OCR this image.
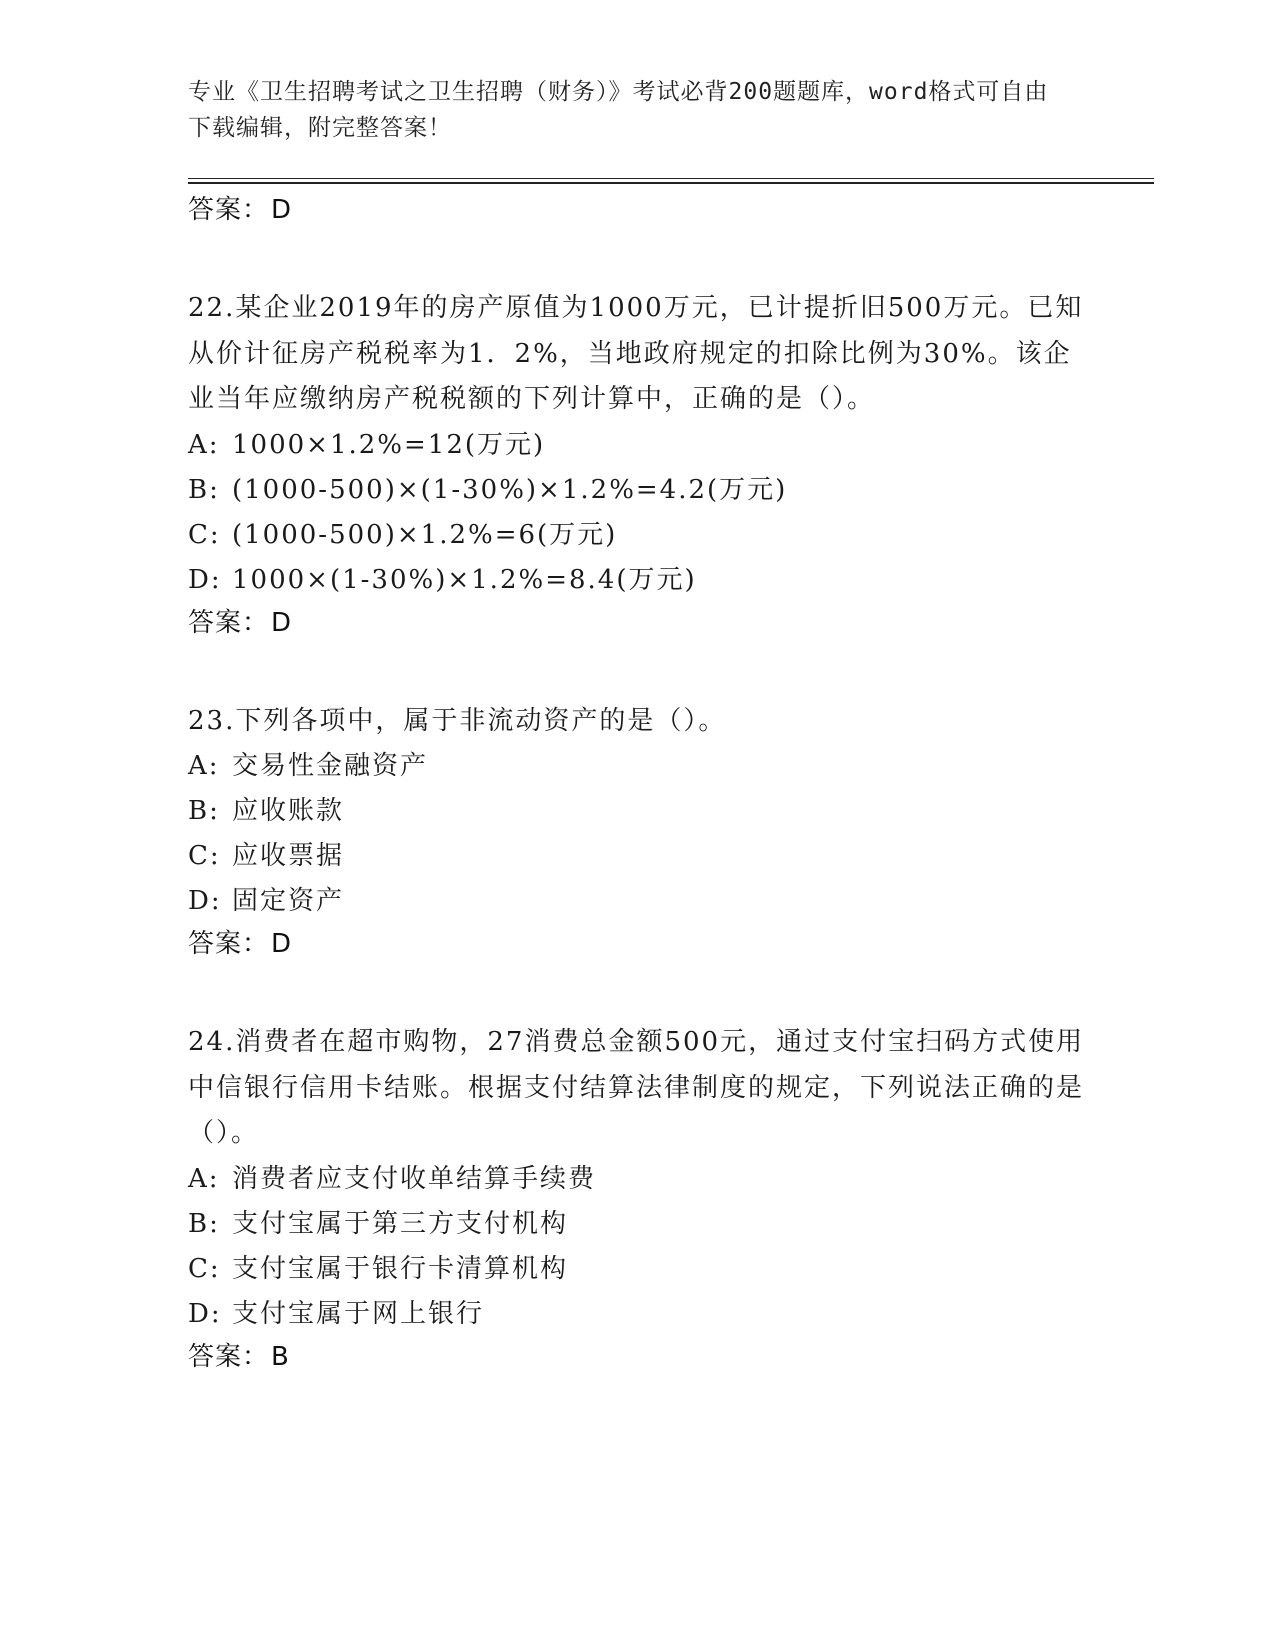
专业《卫生招聘考试之卫生招聘（财务）》考试必背200题题库，word格式可自由下载编辑，附完整答案！
答案：D
22.某企业2019年的房产原值为1000万元，已计提折旧500万元。已知从价计征房产税税率为1．2%，当地政府规定的扣除比例为30%。该企业当年应缴纳房产税税额的下列计算中，正确的是（）。
A: 1000×1.2%=12(万元)
B: (1000-500)×(1-30%)×1.2%=4.2(万元)
C: (1000-500)×1.2%=6(万元)
D: 1000×(1-30%)×1.2%=8.4(万元)
答案：D
23.下列各项中，属于非流动资产的是（）。
A: 交易性金融资产
B: 应收账款
C: 应收票据
D: 固定资产
答案：D
24.消费者在超市购物，27消费总金额500元，通过支付宝扫码方式使用中信银行信用卡结账。根据支付结算法律制度的规定，下列说法正确的是（）。
A: 消费者应支付收单结算手续费
B: 支付宝属于第三方支付机构
C: 支付宝属于银行卡清算机构
D: 支付宝属于网上银行
答案：B
